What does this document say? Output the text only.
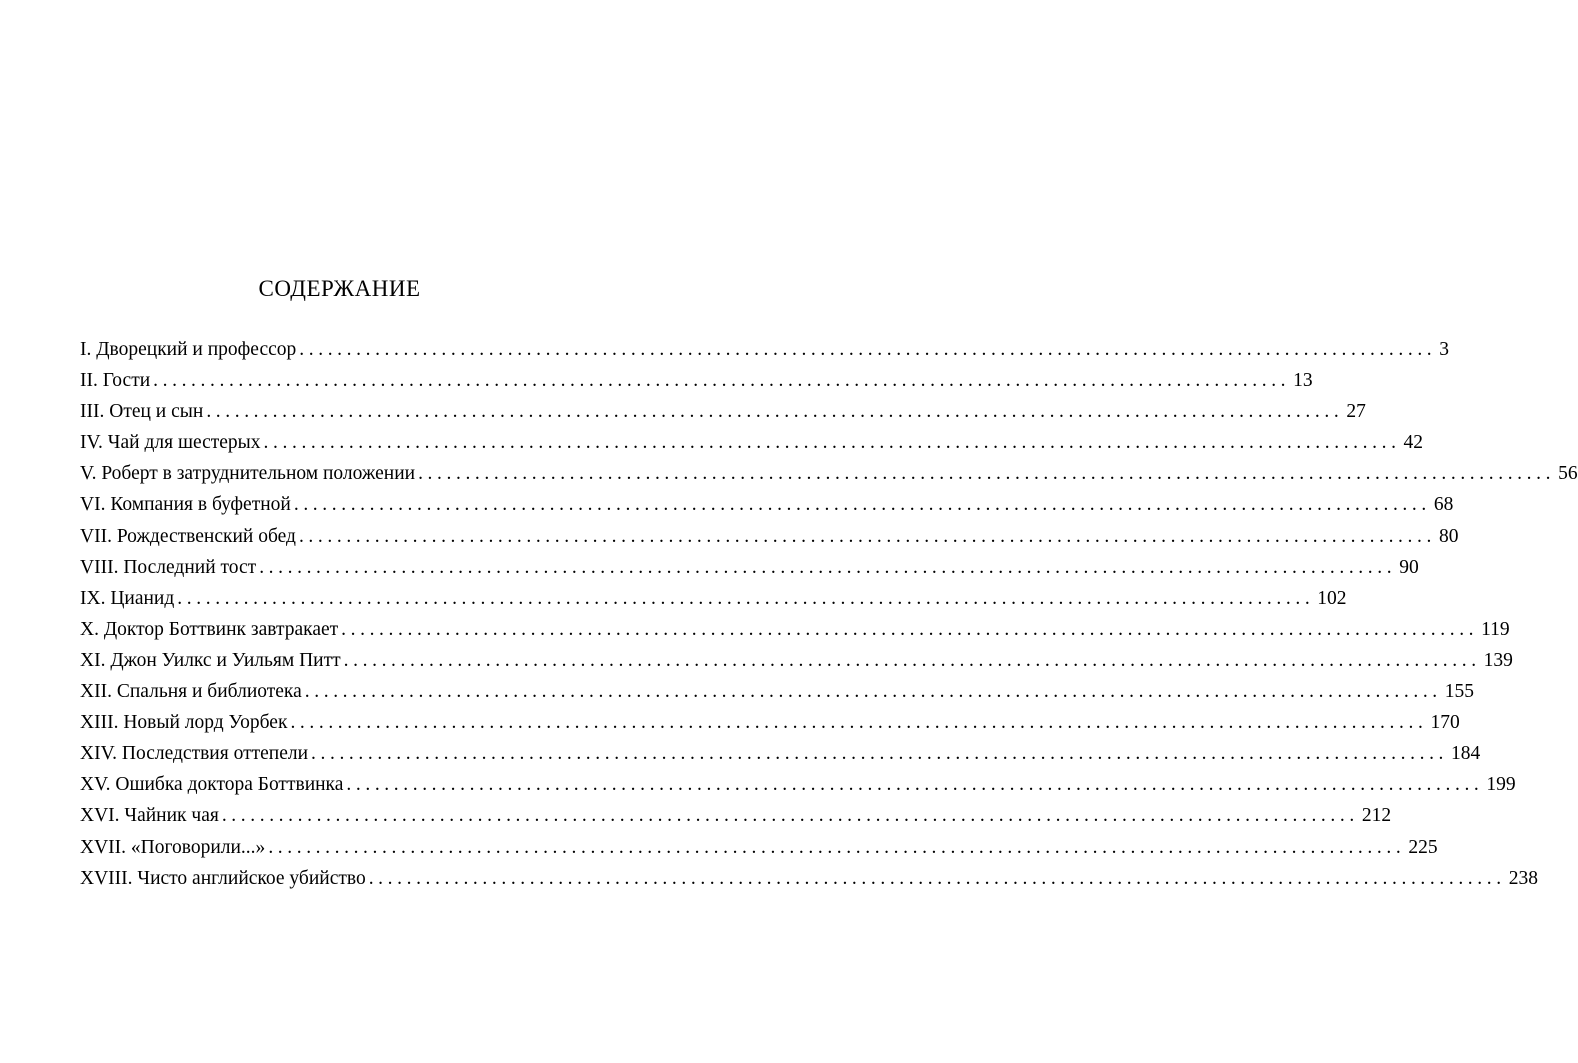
СОДЕРЖАНИЕ
I. Дворецкий и профессор ........................................................................................................................ 3
II. Гости ........................................................................................................................ 13
III. Отец и сын ........................................................................................................................ 27
IV. Чай для шестерых ........................................................................................................................ 42
V. Роберт в затруднительном положении ........................................................................................................................ 56
VI. Компания в буфетной ........................................................................................................................ 68
VII. Рождественский обед ........................................................................................................................ 80
VIII. Последний тост ........................................................................................................................ 90
IX. Цианид ........................................................................................................................ 102
X. Доктор Боттвинк завтракает ........................................................................................................................ 119
XI. Джон Уилкс и Уильям Питт ........................................................................................................................ 139
XII. Спальня и библиотека ........................................................................................................................ 155
XIII. Новый лорд Уорбек ........................................................................................................................ 170
XIV. Последствия оттепели ........................................................................................................................ 184
XV. Ошибка доктора Боттвинка ........................................................................................................................ 199
XVI. Чайник чая ........................................................................................................................ 212
XVII. «Поговорили...» ........................................................................................................................ 225
XVIII. Чисто английское убийство ........................................................................................................................ 238
